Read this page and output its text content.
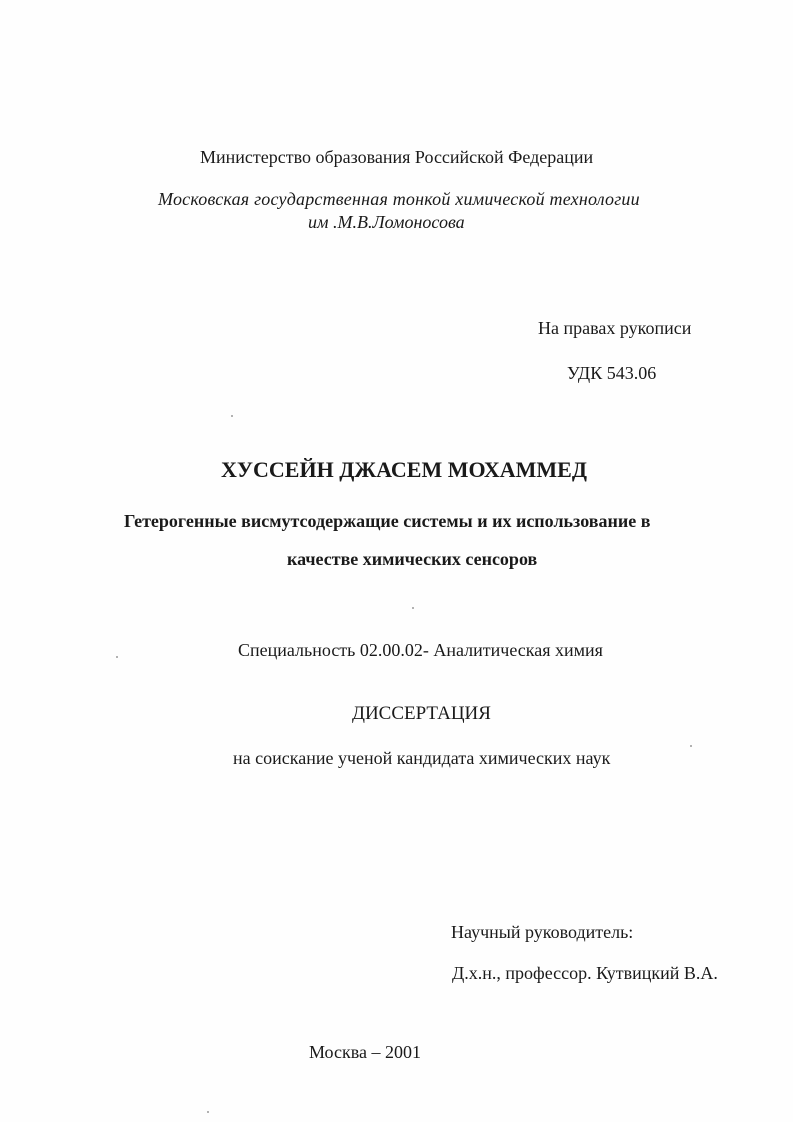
Министерство образования Российской Федерации
Московская государственная тонкой химической технологии
им .М.В.Ломоносова
На правах рукописи
УДК 543.06
ХУССЕЙН ДЖАСЕМ МОХАММЕД
Гетерогенные висмутсодержащие системы и их использование в
качестве химических сенсоров
Специальность 02.00.02- Аналитическая химия
ДИССЕРТАЦИЯ
на соискание ученой кандидата химических наук
Научный руководитель:
Д.х.н., профессор. Кутвицкий В.А.
Москва – 2001
